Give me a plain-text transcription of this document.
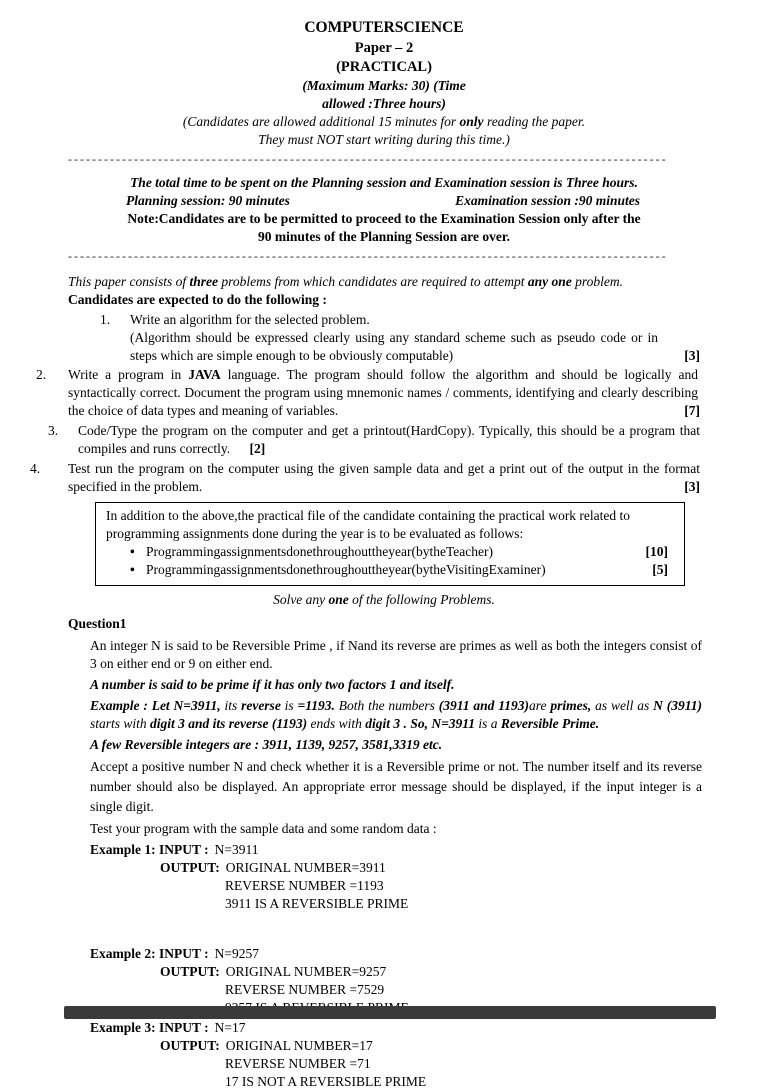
COMPUTERSCIENCE
Paper – 2
(PRACTICAL)
(Maximum Marks: 30) (Time
allowed :Three hours)
(Candidates are allowed additional 15 minutes for only reading the paper.
They must NOT start writing during this time.)
----------------------------------------------------------------------------------------------------
The total time to be spent on the Planning session and Examination session is Three hours.
Planning session: 90 minutes	Examination session :90 minutes
Note:Candidates are to be permitted to proceed to the Examination Session only after the
90 minutes of the Planning Session are over.
----------------------------------------------------------------------------------------------------
This paper consists of three problems from which candidates are required to attempt any one problem.
Candidates are expected to do the following :
1. Write an algorithm for the selected problem.
(Algorithm should be expressed clearly using any standard scheme such as pseudo code or in steps which are simple enough to be obviously computable)	[3]
2. Write a program in JAVA language. The program should follow the algorithm and should be logically and syntactically correct. Document the program using mnemonic names / comments, identifying and clearly describing the choice of data types and meaning of variables.	[7]
3. Code/Type the program on the computer and get a printout(HardCopy). Typically, this should be a program that compiles and runs correctly. [2]
4. Test run the program on the computer using the given sample data and get a print out of the output in the format specified in the problem.	[3]
In addition to the above,the practical file of the candidate containing the practical work related to programming assignments done during the year is to be evaluated as follows:
• Programmingassignmentsdonethroughouttheyear(bytheTeacher)	[10]
• Programmingassignmentsdonethroughouttheyear(bytheVisitingExaminer)	[5]
Solve any one of the following Problems.
Question1
An integer N is said to be Reversible Prime , if Nand its reverse are primes as well as both the integers consist of 3 on either end or 9 on either end.
A number is said to be prime if it has only two factors 1 and itself.
Example : Let N=3911, its reverse is =1193. Both the numbers (3911 and 1193)are primes, as well as N (3911) starts with digit 3 and its reverse (1193) ends with digit 3 . So, N=3911 is a Reversible Prime.
A few Reversible integers are : 3911, 1139, 9257, 3581,3319 etc.
Accept a positive number N and check whether it is a Reversible prime or not. The number itself and its reverse number should also be displayed. An appropriate error message should be displayed, if the input integer is a single digit.
Test your program with the sample data and some random data :
Example 1: INPUT : N=3911
OUTPUT: ORIGINAL NUMBER=3911
REVERSE NUMBER =1193
3911 IS A REVERSIBLE PRIME
Example 2: INPUT : N=9257
OUTPUT: ORIGINAL NUMBER=9257
REVERSE NUMBER =7529
Example 3: INPUT : N=17
OUTPUT: ORIGINAL NUMBER=17
REVERSE NUMBER =71
17 IS NOT A REVERSIBLE PRIME
